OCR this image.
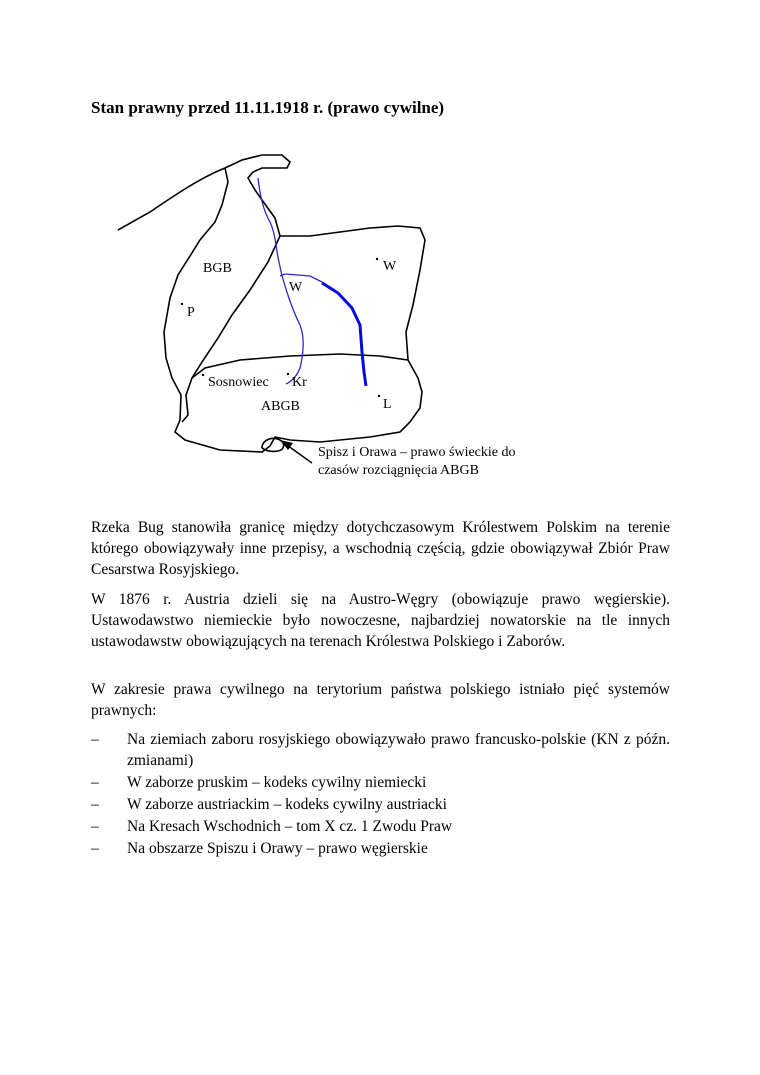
Stan prawny przed 11.11.1918 r. (prawo cywilne)
BGB
P
W
W
Sosnowiec Kr
ABGB	L
Spisz i Orawa – prawo świeckie do
czasów rozciągnięcia ABGB

Rzeka Bug stanowiła granicę między dotychczasowym Królestwem Polskim na terenie którego obowiązywały inne przepisy, a wschodnią częścią, gdzie obowiązywał Zbiór Praw Cesarstwa Rosyjskiego.

W 1876 r. Austria dzieli się na Austro-Węgry (obowiązuje prawo węgierskie). Ustawodawstwo niemieckie było nowoczesne, najbardziej nowatorskie na tle innych ustawodawstw obowiązujących na terenach Królestwa Polskiego i Zaborów.

W zakresie prawa cywilnego na terytorium państwa polskiego istniało pięć systemów prawnych:

– Na ziemiach zaboru rosyjskiego obowiązywało prawo francusko-polskie (KN z późn. zmianami)
– W zaborze pruskim – kodeks cywilny niemiecki
– W zaborze austriackim – kodeks cywilny austriacki
– Na Kresach Wschodnich – tom X cz. 1 Zwodu Praw
– Na obszarze Spiszu i Orawy – prawo węgierskie
